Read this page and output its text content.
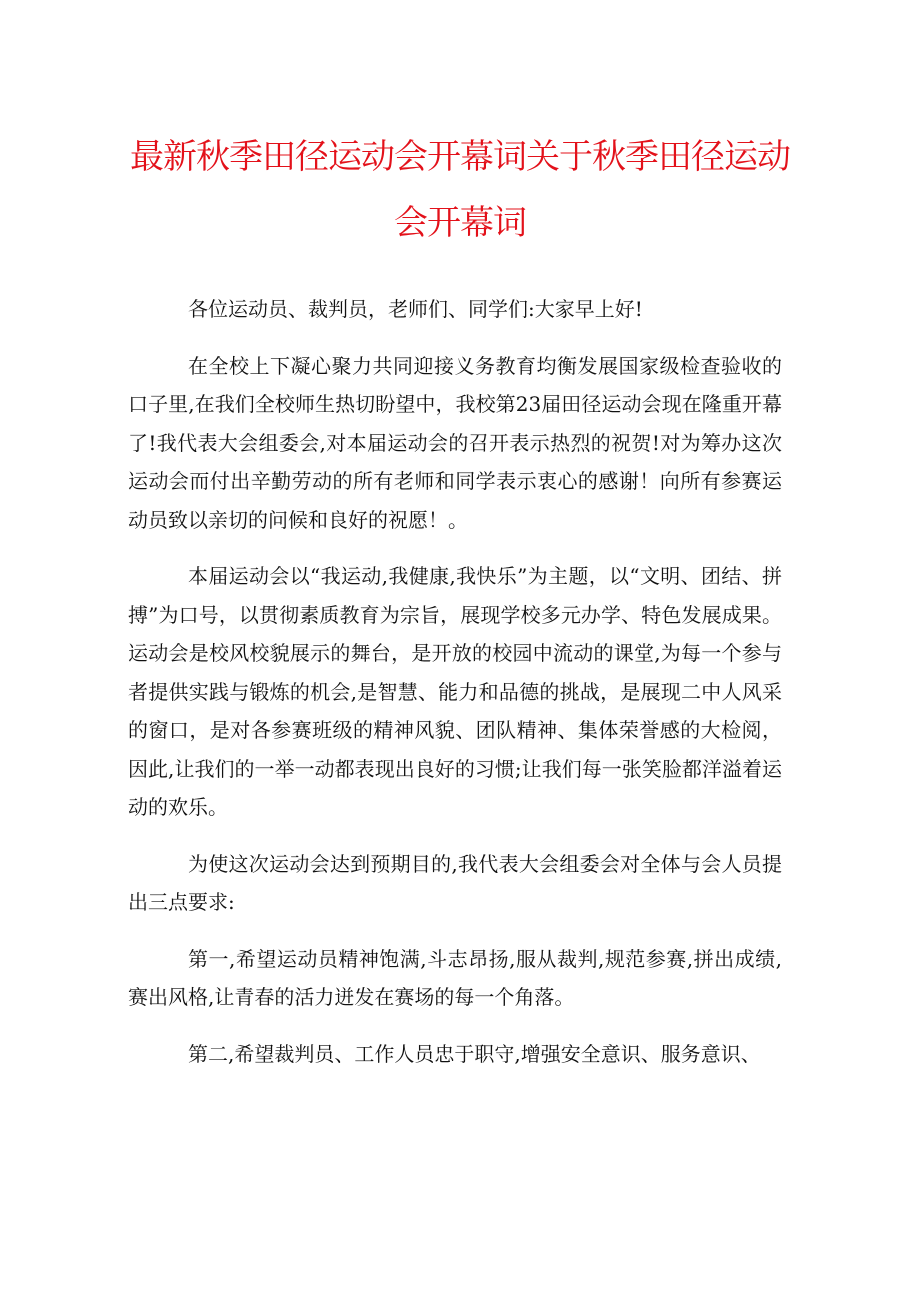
最新秋季田径运动会开幕词关于秋季田径运动会开幕词

各位运动员、裁判员，老师们、同学们:大家早上好!

在全校上下凝心聚力共同迎接义务教育均衡发展国家级检查验收的口子里,在我们全校师生热切盼望中，我校第23届田径运动会现在隆重开幕了!我代表大会组委会,对本届运动会的召开表示热烈的祝贺!对为筹办这次运动会而付出辛勤劳动的所有老师和同学表示衷心的感谢！向所有参赛运动员致以亲切的问候和良好的祝愿！。

本届运动会以“我运动,我健康,我快乐”为主题，以“文明、团结、拼搏”为口号，以贯彻素质教育为宗旨，展现学校多元办学、特色发展成果。运动会是校风校貌展示的舞台，是开放的校园中流动的课堂,为每一个参与者提供实践与锻炼的机会,是智慧、能力和品德的挑战，是展现二中人风采的窗口，是对各参赛班级的精神风貌、团队精神、集体荣誉感的大检阅，因此,让我们的一举一动都表现出良好的习惯;让我们每一张笑脸都洋溢着运动的欢乐。

为使这次运动会达到预期目的,我代表大会组委会对全体与会人员提出三点要求:

第一,希望运动员精神饱满,斗志昂扬,服从裁判,规范参赛,拼出成绩,赛出风格,让青春的活力迸发在赛场的每一个角落。

第二,希望裁判员、工作人员忠于职守,增强安全意识、服务意识、
